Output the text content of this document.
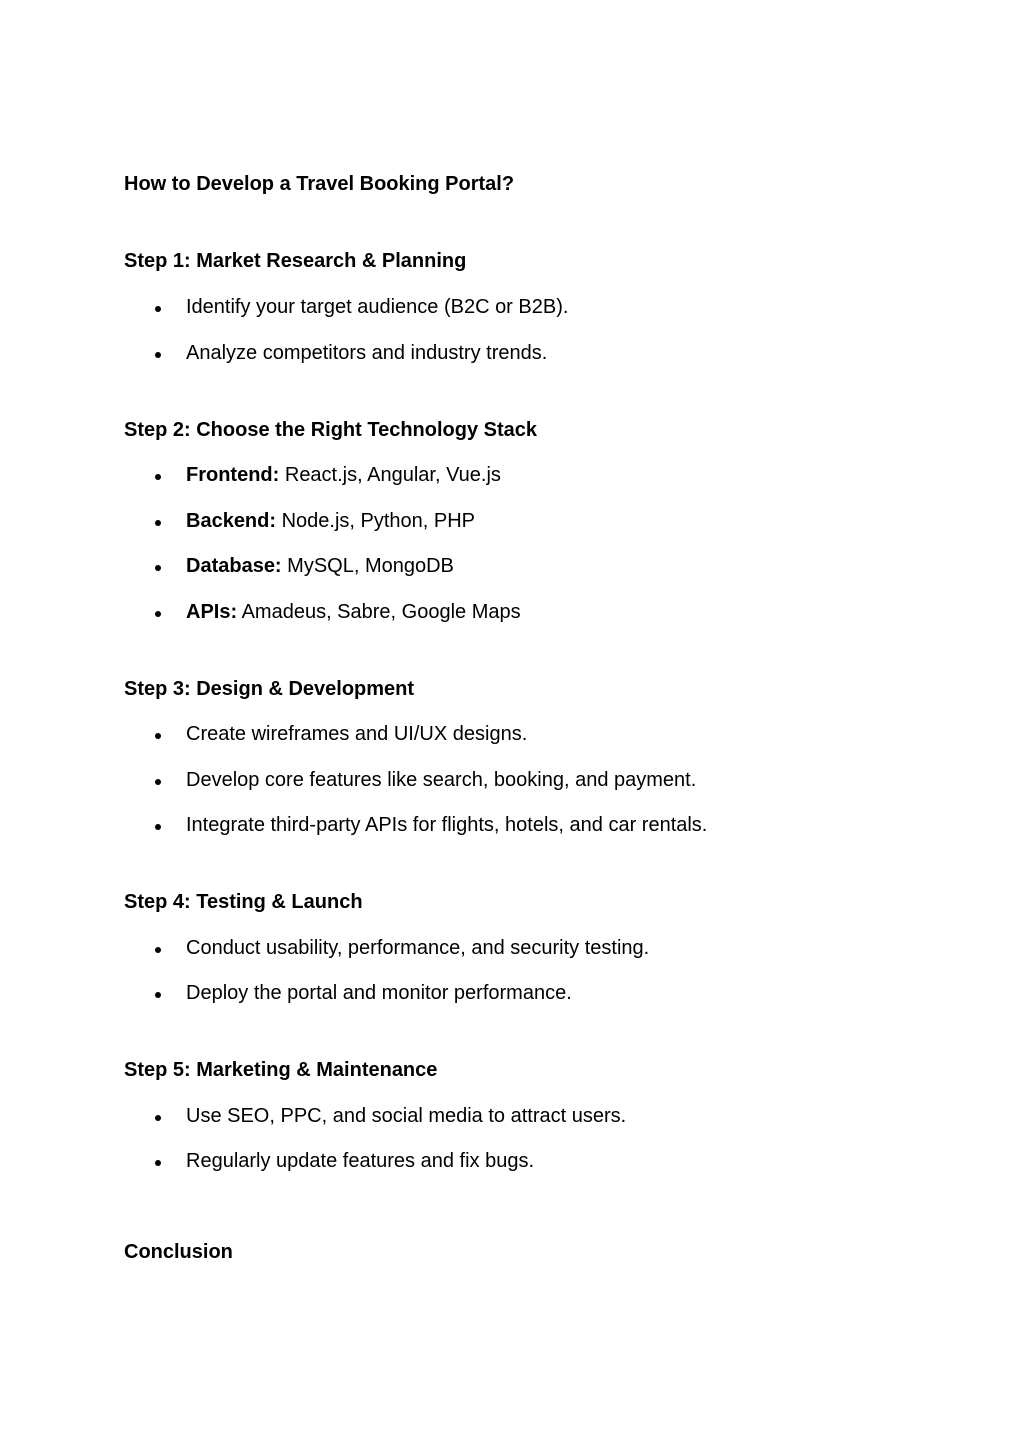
How to Develop a Travel Booking Portal?
Step 1: Market Research & Planning
Identify your target audience (B2C or B2B).
Analyze competitors and industry trends.
Step 2: Choose the Right Technology Stack
Frontend: React.js, Angular, Vue.js
Backend: Node.js, Python, PHP
Database: MySQL, MongoDB
APIs: Amadeus, Sabre, Google Maps
Step 3: Design & Development
Create wireframes and UI/UX designs.
Develop core features like search, booking, and payment.
Integrate third-party APIs for flights, hotels, and car rentals.
Step 4: Testing & Launch
Conduct usability, performance, and security testing.
Deploy the portal and monitor performance.
Step 5: Marketing & Maintenance
Use SEO, PPC, and social media to attract users.
Regularly update features and fix bugs.
Conclusion
